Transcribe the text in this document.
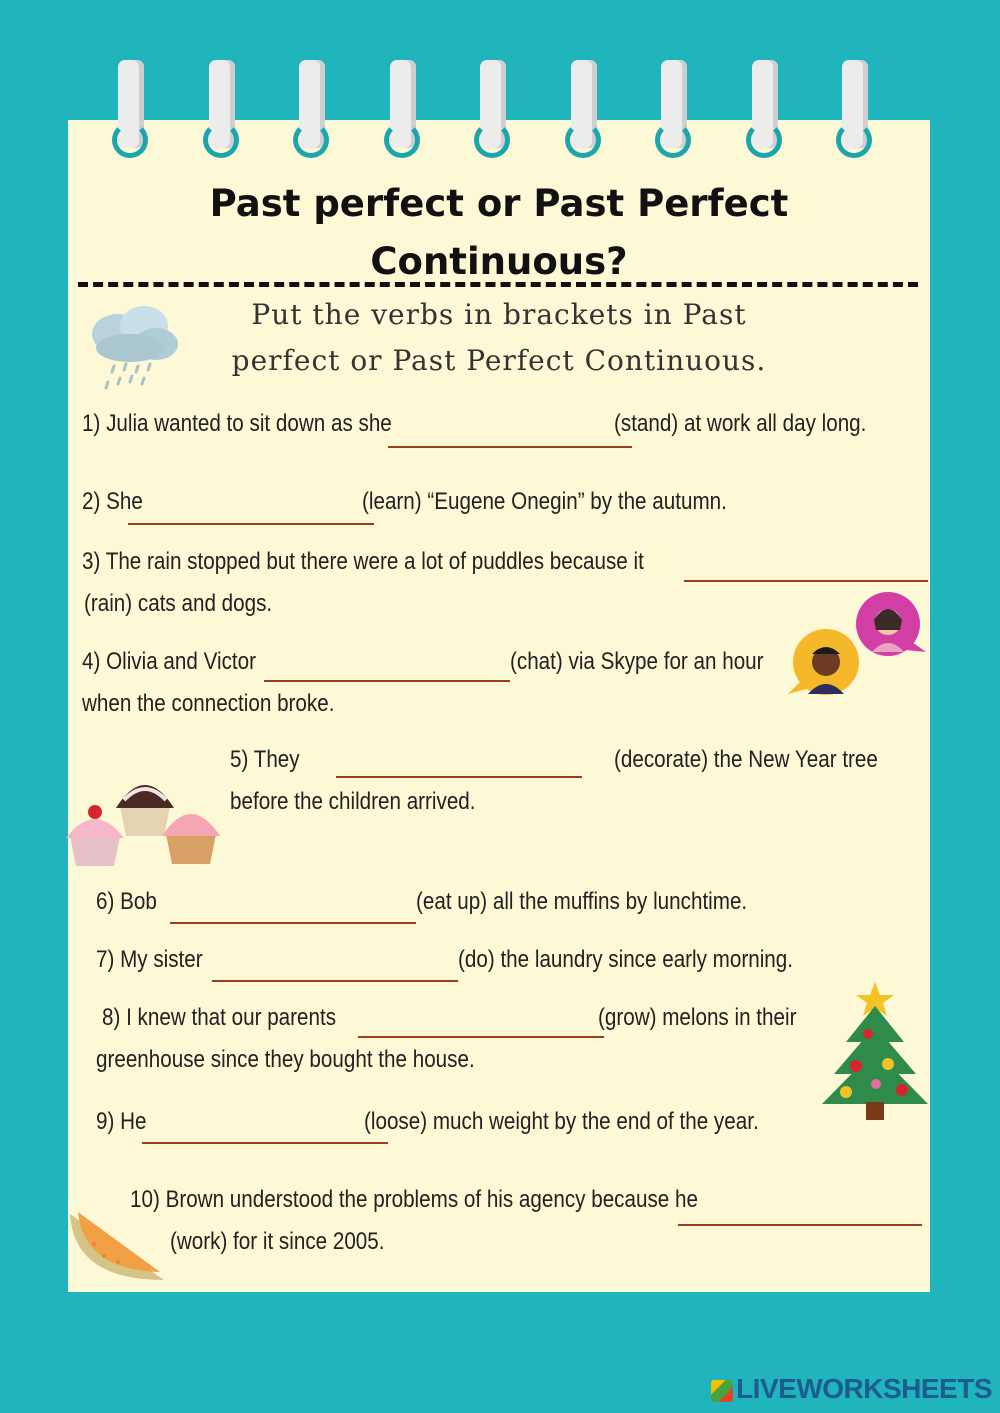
Past perfect or Past Perfect
Continuous?
Put the verbs in brackets in Past
perfect or Past Perfect Continuous.
1) Julia wanted to sit down as she	(stand) at work all day long.
2) She	(learn) “Eugene Onegin” by the autumn.
3) The rain stopped but there were a lot of puddles because it
(rain) cats and dogs.
4) Olivia and Victor	(chat) via Skype for an hour
when the connection broke.
5) They	(decorate) the New Year tree
before the children arrived.
6) Bob	(eat up) all the muffins by lunchtime.
7) My sister	(do) the laundry since early morning.
8) I knew that our parents	(grow) melons in their
greenhouse since they bought the house.
9) He	(loose) much weight by the end of the year.
10) Brown understood the problems of his agency because he
(work) for it since 2005.
LIVEWORKSHEETS
